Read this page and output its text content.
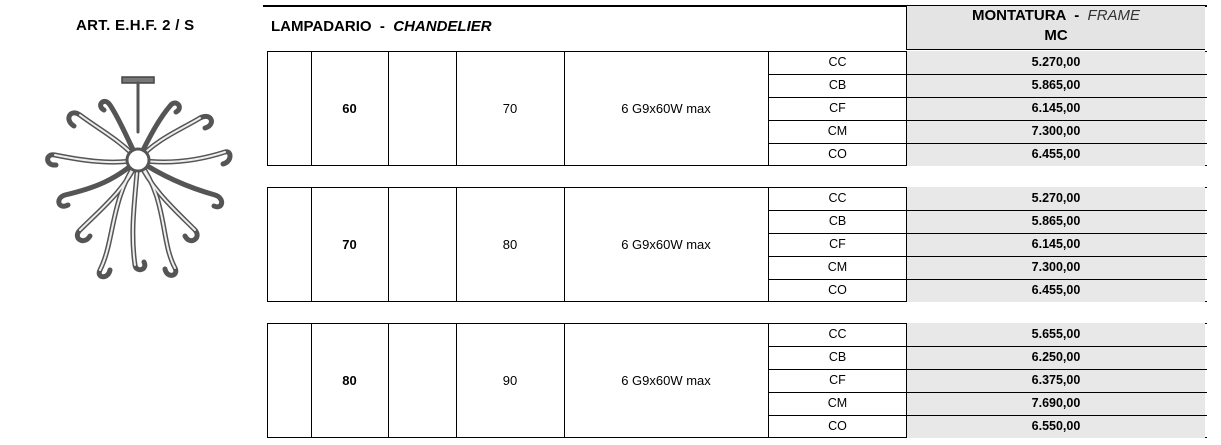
ART. E.H.F. 2 / S	LAMPADARIO - CHANDELIER
MONTATURA - FRAME
MC
60	70	6 G9x60W max
CC	5.270,00
CB	5.865,00
CF	6.145,00
CM	7.300,00
CO	6.455,00
70	80	6 G9x60W max
CC	5.270,00
CB	5.865,00
CF	6.145,00
CM	7.300,00
CO	6.455,00
80	90	6 G9x60W max
CC	5.655,00
CB	6.250,00
CF	6.375,00
CM	7.690,00
CO	6.550,00
